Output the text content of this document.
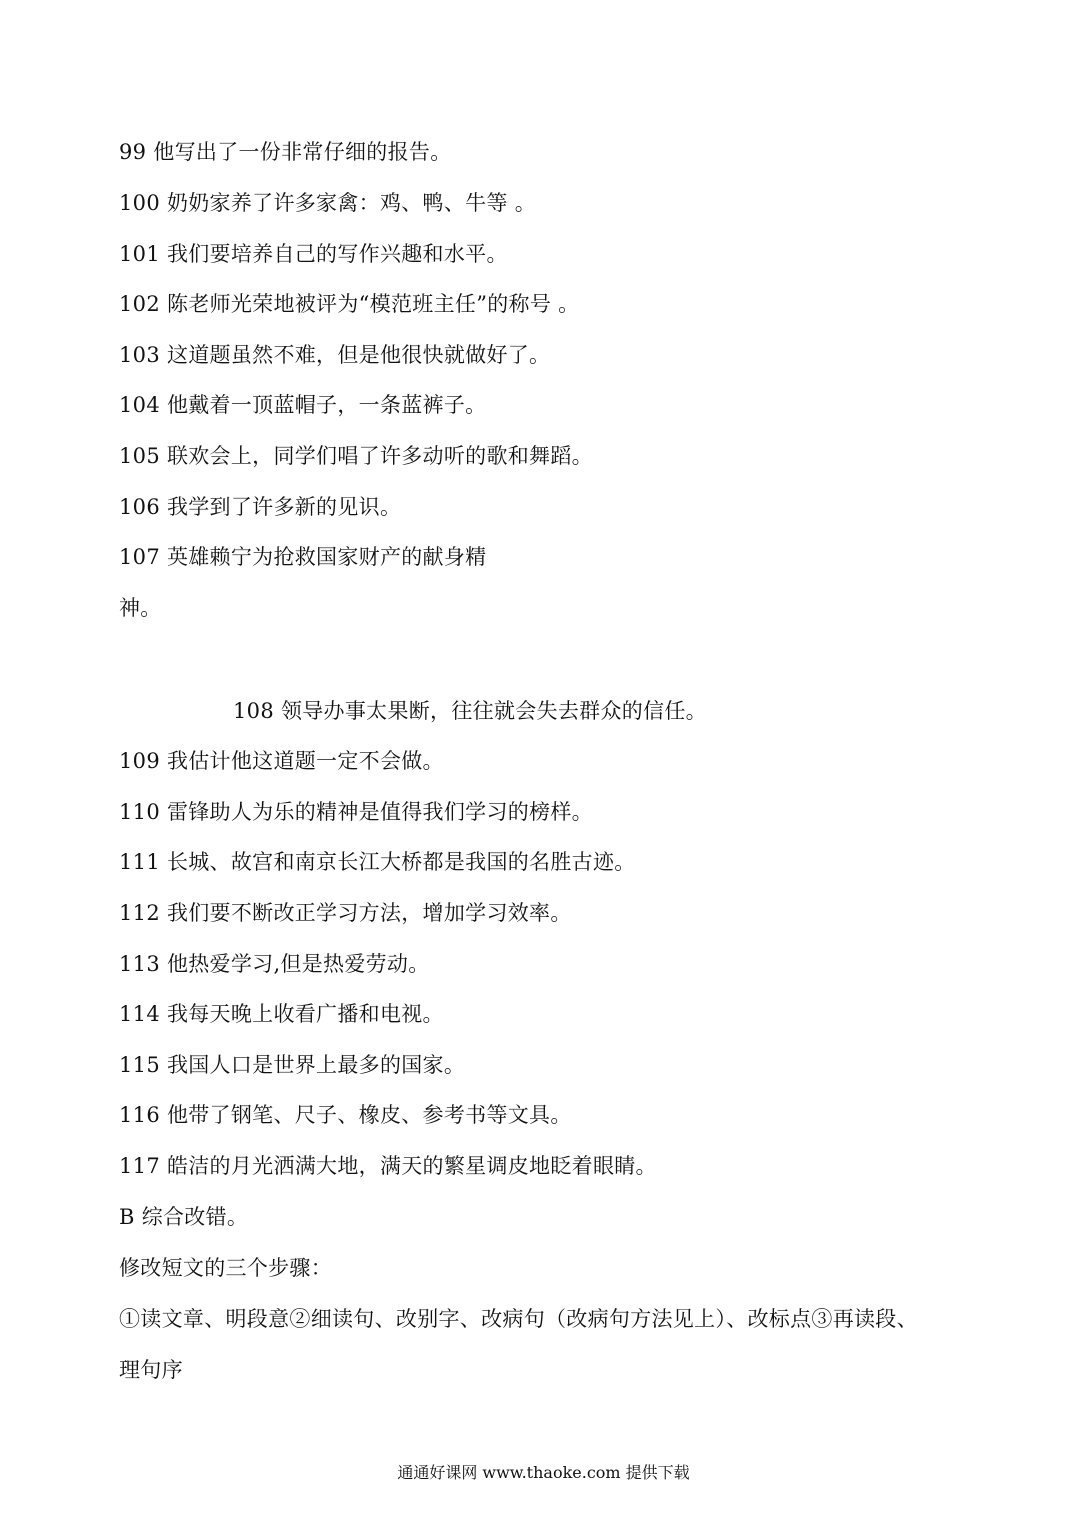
99 他写出了一份非常仔细的报告。
100 奶奶家养了许多家禽：鸡、鸭、牛等 。
101 我们要培养自己的写作兴趣和水平。
102 陈老师光荣地被评为“模范班主任”的称号 。
103 这道题虽然不难，但是他很快就做好了。
104 他戴着一顶蓝帽子，一条蓝裤子。
105 联欢会上，同学们唱了许多动听的歌和舞蹈。
106 我学到了许多新的见识。
107 英雄赖宁为抢救国家财产的献身精
神。
108 领导办事太果断，往往就会失去群众的信任。
109 我估计他这道题一定不会做。
110 雷锋助人为乐的精神是值得我们学习的榜样。
111 长城、故宫和南京长江大桥都是我国的名胜古迹。
112 我们要不断改正学习方法，增加学习效率。
113 他热爱学习,但是热爱劳动。
114 我每天晚上收看广播和电视。
115 我国人口是世界上最多的国家。
116 他带了钢笔、尺子、橡皮、参考书等文具。
117 皓洁的月光洒满大地，满天的繁星调皮地眨着眼睛。
B 综合改错。
修改短文的三个步骤：
①读文章、明段意②细读句、改别字、改病句（改病句方法见上）、改标点③再读段、
理句序
通通好课网 www.thaoke.com 提供下载
